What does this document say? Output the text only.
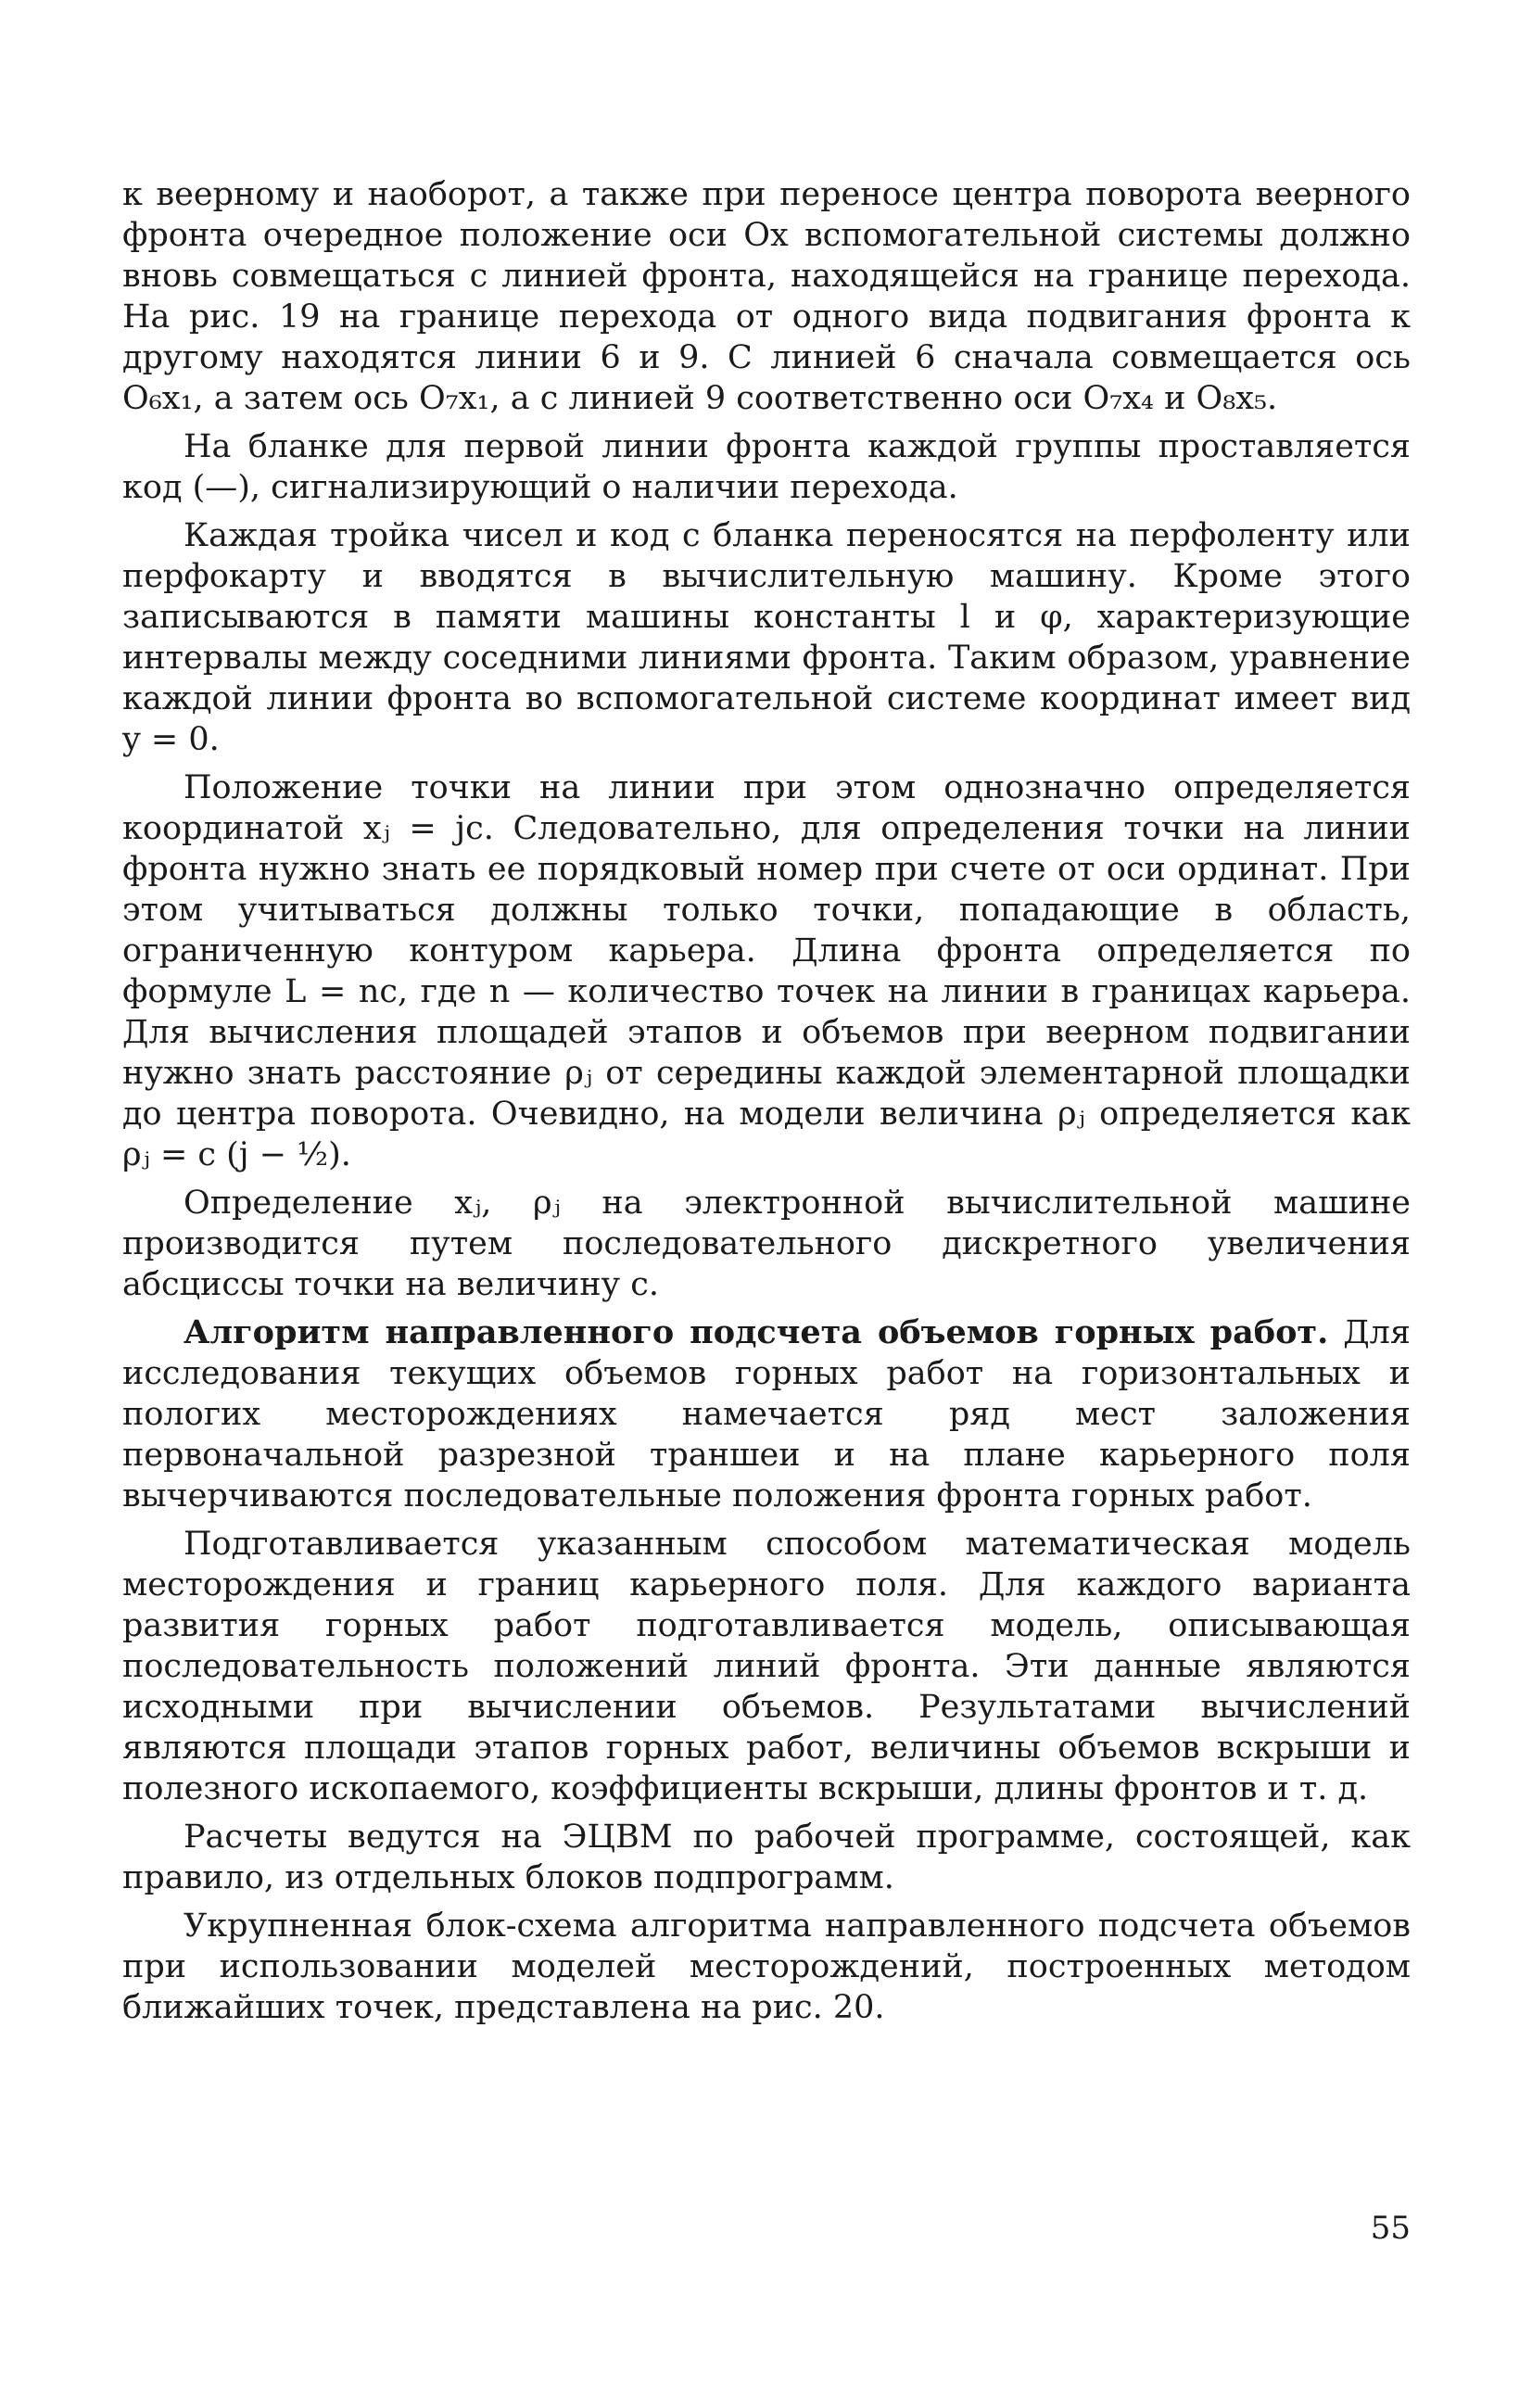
к веерному и наоборот, а также при переносе центра поворота веерного фронта очередное положение оси Ox вспомогательной системы должно вновь совмещаться с линией фронта, находящейся на границе перехода. На рис. 19 на границе перехода от одного вида подвигания фронта к другому находятся линии 6 и 9. С линией 6 сначала совмещается ось O₆x₁, а затем ось O₇x₁, а с линией 9 соответственно оси O₇x₄ и O₈x₅.

На бланке для первой линии фронта каждой группы проставляется код (—), сигнализирующий о наличии перехода.

Каждая тройка чисел и код с бланка переносятся на перфоленту или перфокарту и вводятся в вычислительную машину. Кроме этого записываются в памяти машины константы l и φ, характеризующие интервалы между соседними линиями фронта. Таким образом, уравнение каждой линии фронта во вспомогательной системе координат имеет вид y = 0.

Положение точки на линии при этом однозначно определяется координатой xⱼ = jc. Следовательно, для определения точки на линии фронта нужно знать ее порядковый номер при счете от оси ординат. При этом учитываться должны только точки, попадающие в область, ограниченную контуром карьера. Длина фронта определяется по формуле L = nc, где n — количество точек на линии в границах карьера. Для вычисления площадей этапов и объемов при веерном подвигании нужно знать расстояние ρⱼ от середины каждой элементарной площадки до центра поворота. Очевидно, на модели величина ρⱼ определяется как ρⱼ = c (j − ½).

Определение xⱼ, ρⱼ на электронной вычислительной машине производится путем последовательного дискретного увеличения абсциссы точки на величину c.

Алгоритм направленного подсчета объемов горных работ. Для исследования текущих объемов горных работ на горизонтальных и пологих месторождениях намечается ряд мест заложения первоначальной разрезной траншеи и на плане карьерного поля вычерчиваются последовательные положения фронта горных работ.

Подготавливается указанным способом математическая модель месторождения и границ карьерного поля. Для каждого варианта развития горных работ подготавливается модель, описывающая последовательность положений линий фронта. Эти данные являются исходными при вычислении объемов. Результатами вычислений являются площади этапов горных работ, величины объемов вскрыши и полезного ископаемого, коэффициенты вскрыши, длины фронтов и т. д.

Расчеты ведутся на ЭЦВМ по рабочей программе, состоящей, как правило, из отдельных блоков подпрограмм.

Укрупненная блок-схема алгоритма направленного подсчета объемов при использовании моделей месторождений, построенных методом ближайших точек, представлена на рис. 20.

55
